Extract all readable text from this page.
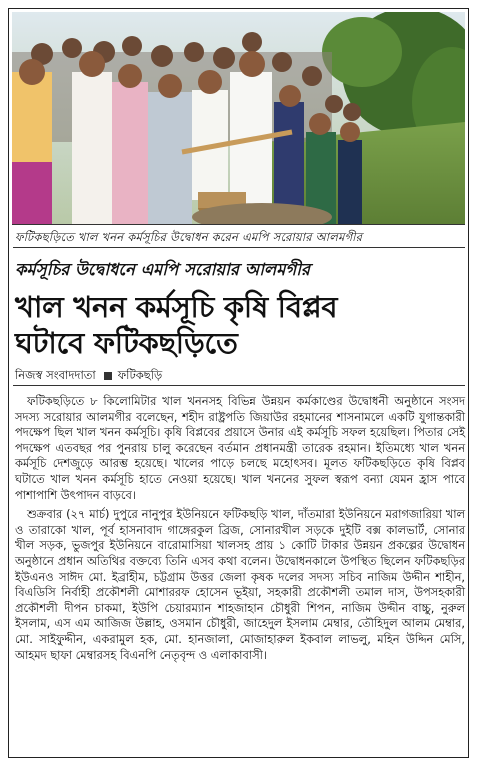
ফটিকছড়িতে খাল খনন কর্মসূচির উদ্বোধন করেন এমপি সরোয়ার আলমগীর
কর্মসূচির উদ্বোধনে এমপি সরোয়ার আলমগীর
খাল খনন কর্মসূচি কৃষি বিপ্লব
ঘটাবে ফটিকছড়িতে
নিজস্ব সংবাদদাতা ফটিকছড়ি

ফটিকছড়িতে ৮ কিলোমিটার খাল খননসহ বিভিন্ন উন্নয়ন কর্মকাণ্ডের উদ্বোধনী অনুষ্ঠানে সংসদ সদস্য সরোয়ার আলমগীর বলেছেন, শহীদ রাষ্ট্রপতি জিয়াউর রহমানের শাসনামলে একটি যুগান্তকারী পদক্ষেপ ছিল খাল খনন কর্মসূচি। কৃষি বিপ্লবের প্রয়াসে উনার এই কর্মসূচি সফল হয়েছিল। পিতার সেই পদক্ষেপ এতবছর পর পুনরায় চালু করেছেন বর্তমান প্রধানমন্ত্রী তারেক রহমান। ইতিমধ্যে খাল খনন কর্মসূচি দেশজুড়ে আরম্ভ হয়েছে। খালের পাড়ে চলছে মহোৎসব। মূলত ফটিকছড়িতে কৃষি বিপ্লব ঘটাতে খাল খনন কর্মসূচি হাতে নেওয়া হয়েছে। খাল খননের সুফল স্বরূপ বন্যা যেমন হ্রাস পাবে পাশাপাশি উৎপাদন বাড়বে।

শুক্রবার (২৭ মার্চ) দুপুরে নানুপুর ইউনিয়নে ফটিকছড়ি খাল, দাঁতমারা ইউনিয়নে মরাগজারিয়া খাল ও তারাকো খাল, পূর্ব হাসনাবাদ গাঙ্গেরকুল ব্রিজ, সোনারখীল সড়কে দুইটি বক্স কালভার্ট, সোনার খীল সড়ক, ভুজপুর ইউনিয়নে বারোমাসিয়া খালসহ প্রায় ১ কোটি টাকার উন্নয়ন প্রকল্পের উদ্বোধন অনুষ্ঠানে প্রধান অতিথির বক্তব্যে তিনি এসব কথা বলেন। উদ্বোধনকালে উপস্থিত ছিলেন ফটিকছড়ির ইউএনও সাঈদ মো. ইব্রাহীম, চট্টগ্রাম উত্তর জেলা কৃষক দলের সদস্য সচিব নাজিম উদ্দীন শাহীন, বিএডিসি নির্বাহী প্রকৌশলী মোশাররফ হোসেন ভূইয়া, সহকারী প্রকৌশলী তমাল দাস, উপসহকারী প্রকৌশলী দীপন চাকমা, ইউপি চেয়ারম্যান শাহজাহান চৌধুরী শিপন, নাজিম উদ্দীন বাচ্চু, নুরুল ইসলাম, এস এম আজিজ উল্লাহ, ওসমান চৌধুরী, জাহেদুল ইসলাম মেম্বার, তৌহিদুল আলম মেম্বার, মো. সাইফুদ্দীন, একরামুল হক, মো. হানজালা, মোজাহারুল ইকবাল লাভলু, মহিন উদ্দিন মেসি, আহমদ ছাফা মেম্বারসহ বিএনপি নেতৃবৃন্দ ও এলাকাবাসী।
